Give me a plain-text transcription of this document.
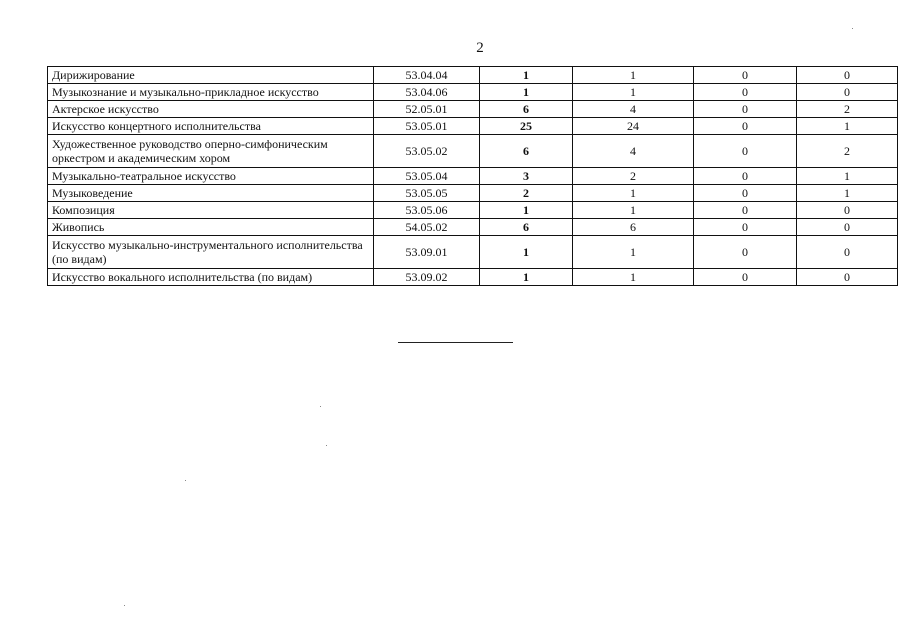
2
Дирижирование	53.04.04	1	1	0	0
Музыкознание и музыкально-прикладное искусство	53.04.06	1	1	0	0
Актерское искусство	52.05.01	6	4	0	2
Искусство концертного исполнительства	53.05.01	25	24	0	1
Художественное руководство оперно-симфоническим оркестром и академическим хором	53.05.02	6	4	0	2
Музыкально-театральное искусство	53.05.04	3	2	0	1
Музыковедение	53.05.05	2	1	0	1
Композиция	53.05.06	1	1	0	0
Живопись	54.05.02	6	6	0	0
Искусство музыкально-инструментального исполнительства (по видам)	53.09.01	1	1	0	0
Искусство вокального исполнительства (по видам)	53.09.02	1	1	0	0
